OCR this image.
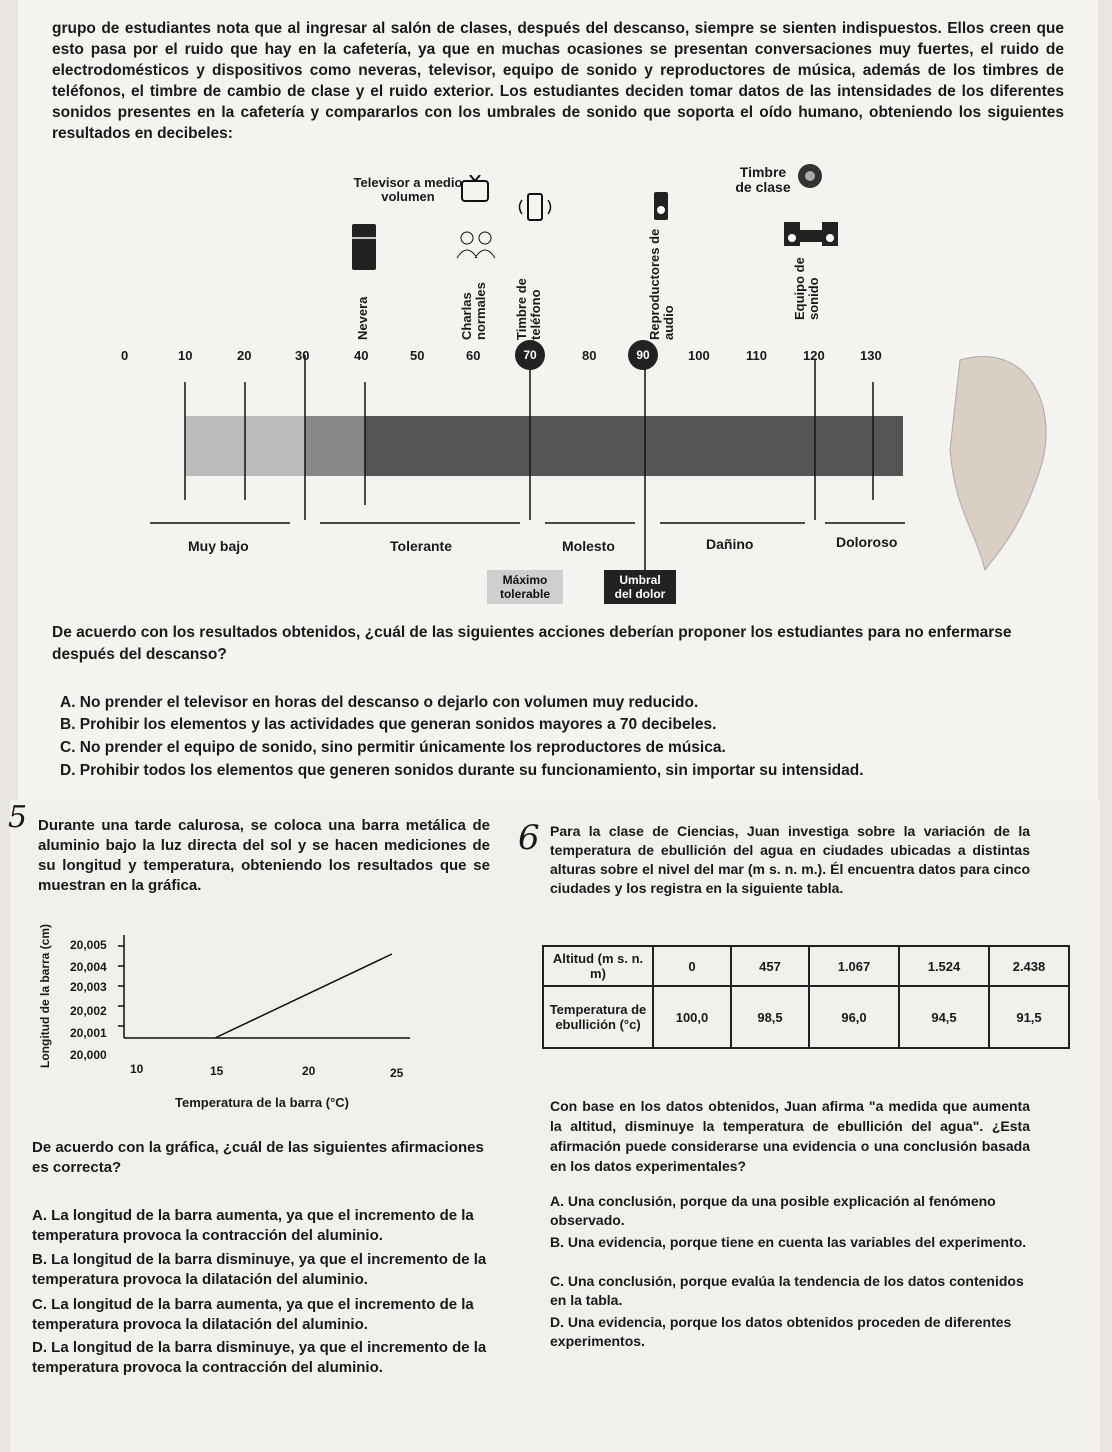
grupo de estudiantes nota que al ingresar al salón de clases, después del descanso, siempre se sienten indispuestos. Ellos creen que esto pasa por el ruido que hay en la cafetería, ya que en muchas ocasiones se presentan conversaciones muy fuertes, el ruido de electrodomésticos y dispositivos como neveras, televisor, equipo de sonido y reproductores de música, además de los timbres de teléfonos, el timbre de cambio de clase y el ruido exterior. Los estudiantes deciden tomar datos de las intensidades de los diferentes sonidos presentes en la cafetería y compararlos con los umbrales de sonido que soporta el oído humano, obteniendo los siguientes resultados en decibeles:
Televisor a medio volumen
Timbre de clase
Nevera	Charlas normales Timbre de teléfono	Reproductores de audio
Equipo de sonido
0	10	20	30	40	50	60	70	80	90	100	110	120	130
Muy bajo	Tolerante	Molesto	Dañino	Doloroso
Máximo tolerable
Umbral del dolor
De acuerdo con los resultados obtenidos, ¿cuál de las siguientes acciones deberían proponer los estudiantes para no enfermarse después del descanso?
A. No prender el televisor en horas del descanso o dejarlo con volumen muy reducido.
B. Prohibir los elementos y las actividades que generan sonidos mayores a 70 decibeles.
C. No prender el equipo de sonido, sino permitir únicamente los reproductores de música.
D. Prohibir todos los elementos que generen sonidos durante su funcionamiento, sin importar su intensidad.
5 Durante una tarde calurosa, se coloca una barra metálica de aluminio bajo la luz directa del sol y se hacen mediciones de su longitud y temperatura, obteniendo los resultados que se muestran en la gráfica.
Longitud de la barra (cm) 20,005
20,004
20,003
20,002
20,001
20,000
10	15	20	25
Temperatura de la barra (°C)
De acuerdo con la gráfica, ¿cuál de las siguientes afirmaciones es correcta?
A. La longitud de la barra aumenta, ya que el incremento de la temperatura provoca la contracción del aluminio.
B. La longitud de la barra disminuye, ya que el incremento de la temperatura provoca la dilatación del aluminio.
C. La longitud de la barra aumenta, ya que el incremento de la temperatura provoca la dilatación del aluminio.
D. La longitud de la barra disminuye, ya que el incremento de la temperatura provoca la contracción del aluminio.
6 Para la clase de Ciencias, Juan investiga sobre la variación de la temperatura de ebullición del agua en ciudades ubicadas a distintas alturas sobre el nivel del mar (m s. n. m.). Él encuentra datos para cinco ciudades y los registra en la siguiente tabla.
Altitud (m s. n. m)	0	457	1.067	1.524	2.438
Temperatura de ebullición (°c)	100,0	98,5	96,0	94,5	91,5
Con base en los datos obtenidos, Juan afirma "a medida que aumenta la altitud, disminuye la temperatura de ebullición del agua". ¿Esta afirmación puede considerarse una evidencia o una conclusión basada en los datos experimentales?
A. Una conclusión, porque da una posible explicación al fenómeno observado.
B. Una evidencia, porque tiene en cuenta las variables del experimento.
C. Una conclusión, porque evalúa la tendencia de los datos contenidos en la tabla.
D. Una evidencia, porque los datos obtenidos proceden de diferentes experimentos.
